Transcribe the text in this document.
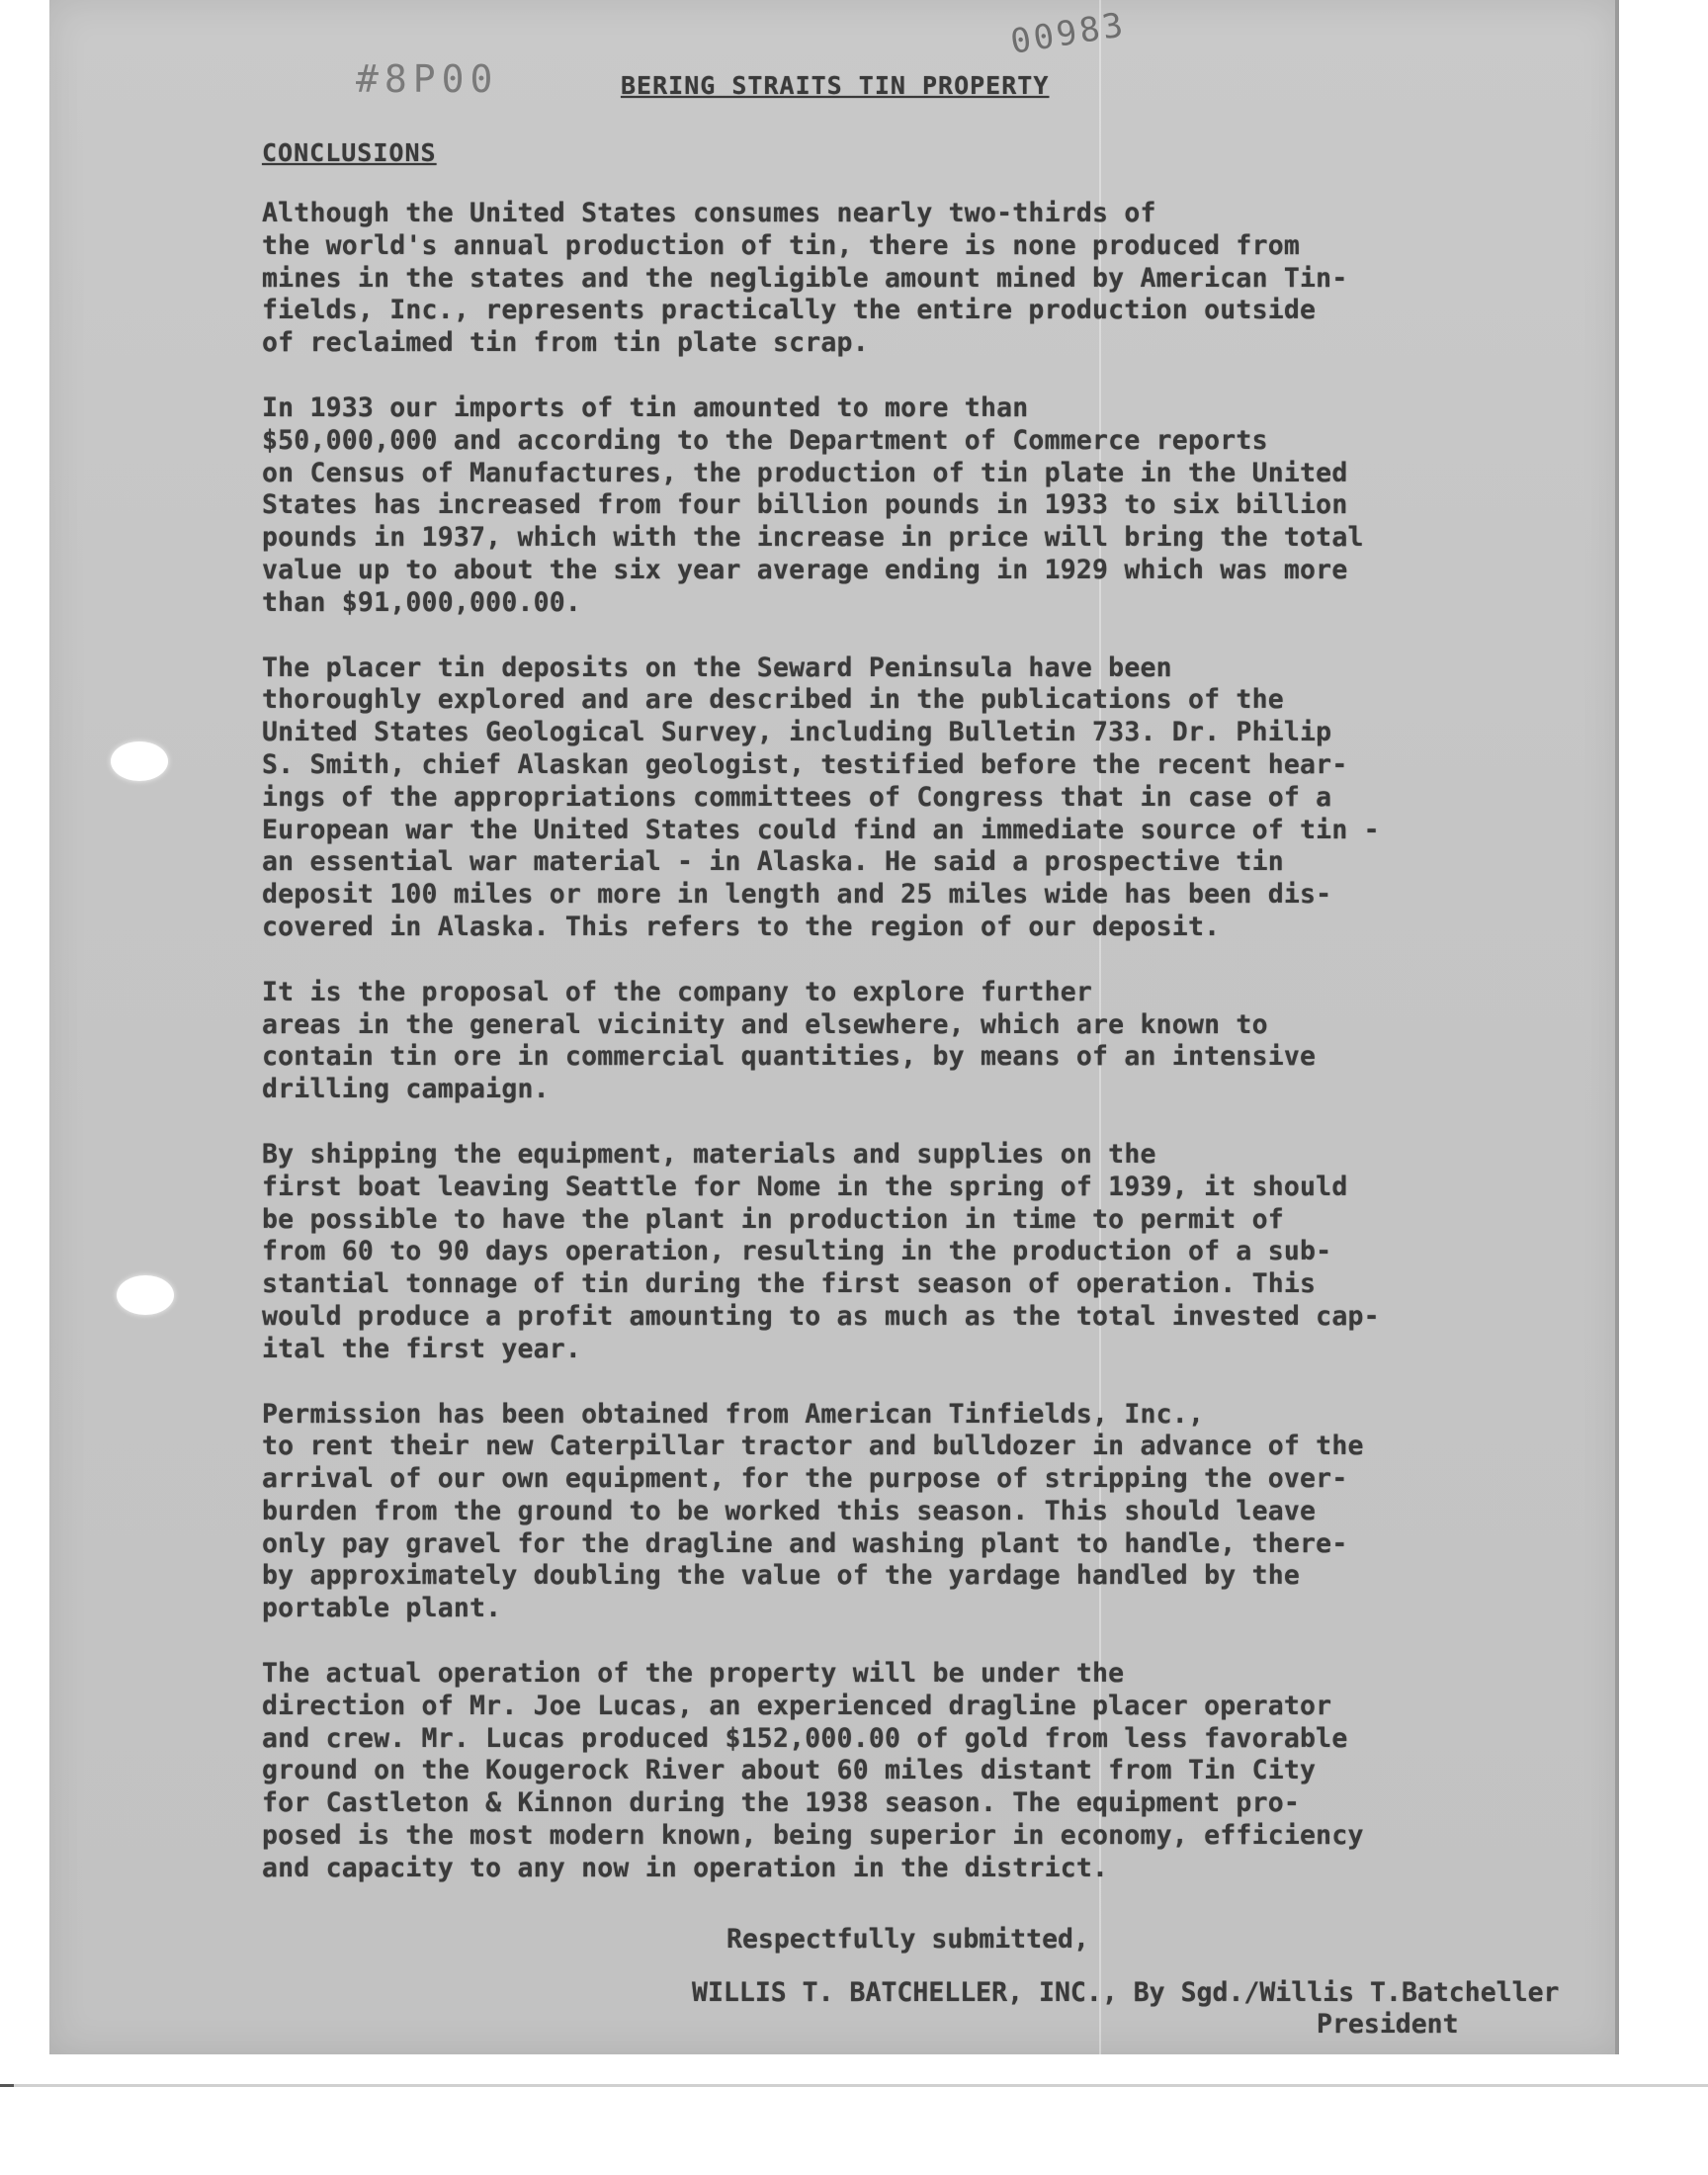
#8P00
00983
BERING STRAITS TIN PROPERTY
CONCLUSIONS

Although the United States consumes nearly two-thirds of
the world's annual production of tin, there is none produced from
mines in the states and the negligible amount mined by American Tin-
fields, Inc., represents practically the entire production outside
of reclaimed tin from tin plate scrap.

In 1933 our imports of tin amounted to more than
$50,000,000 and according to the Department of Commerce reports
on Census of Manufactures, the production of tin plate in the United
States has increased from four billion pounds in 1933 to six billion
pounds in 1937, which with the increase in price will bring the total
value up to about the six year average ending in 1929 which was more
than $91,000,000.00.

The placer tin deposits on the Seward Peninsula have been
thoroughly explored and are described in the publications of the
United States Geological Survey, including Bulletin 733. Dr. Philip
S. Smith, chief Alaskan geologist, testified before the recent hear-
ings of the appropriations committees of Congress that in case of a
European war the United States could find an immediate source of tin -
an essential war material - in Alaska. He said a prospective tin
deposit 100 miles or more in length and 25 miles wide has been dis-
covered in Alaska. This refers to the region of our deposit.

It is the proposal of the company to explore further
areas in the general vicinity and elsewhere, which are known to
contain tin ore in commercial quantities, by means of an intensive
drilling campaign.

By shipping the equipment, materials and supplies on the
first boat leaving Seattle for Nome in the spring of 1939, it should
be possible to have the plant in production in time to permit of
from 60 to 90 days operation, resulting in the production of a sub-
stantial tonnage of tin during the first season of operation. This
would produce a profit amounting to as much as the total invested cap-
ital the first year.

Permission has been obtained from American Tinfields, Inc.,
to rent their new Caterpillar tractor and bulldozer in advance of the
arrival of our own equipment, for the purpose of stripping the over-
burden from the ground to be worked this season. This should leave
only pay gravel for the dragline and washing plant to handle, there-
by approximately doubling the value of the yardage handled by the
portable plant.

The actual operation of the property will be under the
direction of Mr. Joe Lucas, an experienced dragline placer operator
and crew. Mr. Lucas produced $152,000.00 of gold from less favorable
ground on the Kougerock River about 60 miles distant from Tin City
for Castleton & Kinnon during the 1938 season. The equipment pro-
posed is the most modern known, being superior in economy, efficiency
and capacity to any now in operation in the district.

Respectfully submitted,
WILLIS T. BATCHELLER, INC., By Sgd./Willis T.Batcheller
President
